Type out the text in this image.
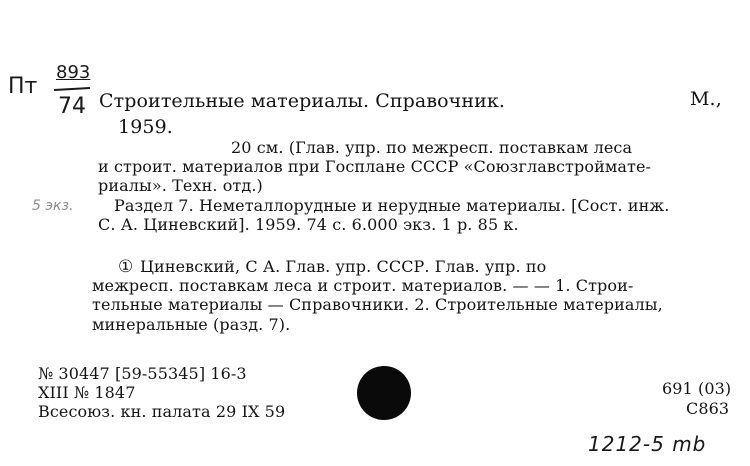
Пт
893
74 Строительные материалы. Справочник.	М.,
1959.
20 см. (Глав. упр. по межресп. поставкам леса
и строит. материалов при Госплане СССР «Союзглавстроймате-
риалы». Техн. отд.)
Раздел 7. Неметаллорудные и нерудные материалы. [Сост. инж.
С. А. Циневский]. 1959. 74 с. 6.000 экз. 1 р. 85 к.
5 экз.
① Циневский, С А. Глав. упр. СССР. Глав. упр. по
межресп. поставкам леса и строит. материалов. — — 1. Строи-
тельные материалы — Справочники. 2. Строительные материалы,
минеральные (разд. 7).
№ 30447 [59-55345] 16-3
XIII № 1847
Всесоюз. кн. палата 29 IX 59
691 (03)
С863
1212-5 mb
